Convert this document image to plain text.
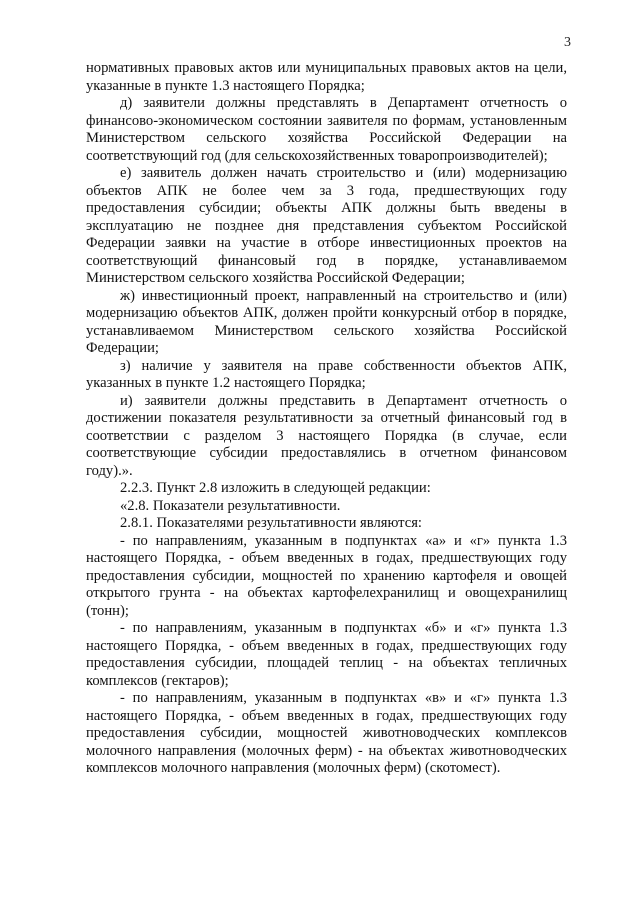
3

нормативных правовых актов или муниципальных правовых актов на цели, указанные в пункте 1.3 настоящего Порядка;

д) заявители должны представлять в Департамент отчетность о финансово-экономическом состоянии заявителя по формам, установленным Министерством сельского хозяйства Российской Федерации на соответствующий год (для сельскохозяйственных товаропроизводителей);

е) заявитель должен начать строительство и (или) модернизацию объектов АПК не более чем за 3 года, предшествующих году предоставления субсидии; объекты АПК должны быть введены в эксплуатацию не позднее дня представления субъектом Российской Федерации заявки на участие в отборе инвестиционных проектов на соответствующий финансовый год в порядке, устанавливаемом Министерством сельского хозяйства Российской Федерации;

ж) инвестиционный проект, направленный на строительство и (или) модернизацию объектов АПК, должен пройти конкурсный отбор в порядке, устанавливаемом Министерством сельского хозяйства Российской Федерации;

з) наличие у заявителя на праве собственности объектов АПК, указанных в пункте 1.2 настоящего Порядка;

и) заявители должны представить в Департамент отчетность о достижении показателя результативности за отчетный финансовый год в соответствии с разделом 3 настоящего Порядка (в случае, если соответствующие субсидии предоставлялись в отчетном финансовом году).».

2.2.3. Пункт 2.8 изложить в следующей редакции:

«2.8. Показатели результативности.

2.8.1. Показателями результативности являются:

- по направлениям, указанным в подпунктах «а» и «г» пункта 1.3 настоящего Порядка, - объем введенных в годах, предшествующих году предоставления субсидии, мощностей по хранению картофеля и овощей открытого грунта - на объектах картофелехранилищ и овощехранилищ (тонн);

- по направлениям, указанным в подпунктах «б» и «г» пункта 1.3 настоящего Порядка, - объем введенных в годах, предшествующих году предоставления субсидии, площадей теплиц - на объектах тепличных комплексов (гектаров);

- по направлениям, указанным в подпунктах «в» и «г» пункта 1.3 настоящего Порядка, - объем введенных в годах, предшествующих году предоставления субсидии, мощностей животноводческих комплексов молочного направления (молочных ферм) - на объектах животноводческих комплексов молочного направления (молочных ферм) (скотомест).
